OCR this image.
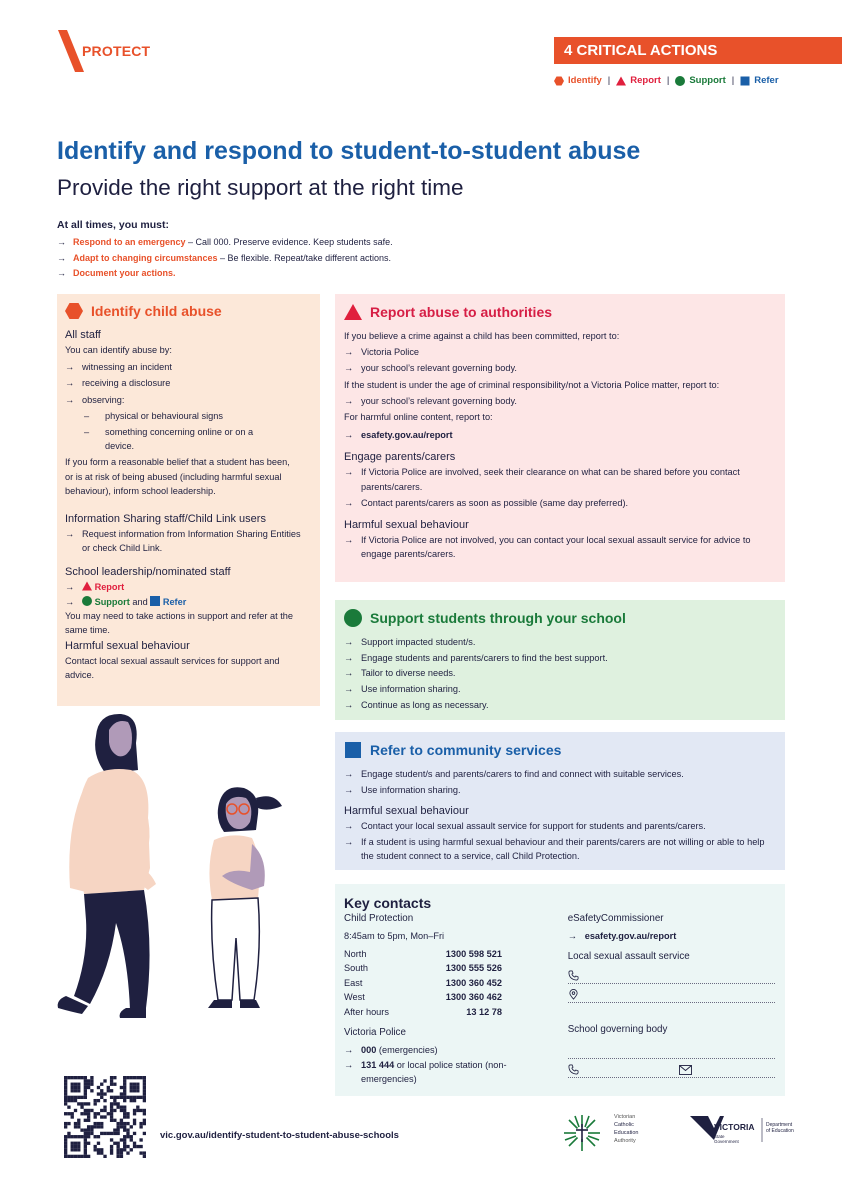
PROTECT	4 CRITICAL ACTIONS
Identify | Report | Support | Refer
Identify and respond to student-to-student abuse
Provide the right support at the right time
At all times, you must:
→ Respond to an emergency – Call 000. Preserve evidence. Keep students safe.
→ Adapt to changing circumstances – Be flexible. Repeat/take different actions.
→ Document your actions.
Identify child abuse
All staff
You can identify abuse by:
→ witnessing an incident
→ receiving a disclosure
→ observing:
– physical or behavioural signs
– something concerning online or on a device.
If you form a reasonable belief that a student has been, or is at risk of being abused (including harmful sexual behaviour), inform school leadership.
Information Sharing staff/Child Link users
→ Request information from Information Sharing Entities or check Child Link.
School leadership/nominated staff
→ Report
→ Support and Refer
You may need to take actions in support and refer at the same time.
Harmful sexual behaviour
Contact local sexual assault services for support and advice.
Report abuse to authorities
If you believe a crime against a child has been committed, report to:
→ Victoria Police
→ your school’s relevant governing body.
If the student is under the age of criminal responsibility/not a Victoria Police matter, report to:
→ your school’s relevant governing body.
For harmful online content, report to:
→ esafety.gov.au/report
Engage parents/carers
→ If Victoria Police are involved, seek their clearance on what can be shared before you contact parents/carers.
→ Contact parents/carers as soon as possible (same day preferred).
Harmful sexual behaviour
→ If Victoria Police are not involved, you can contact your local sexual assault service for advice to engage parents/carers.
Support students through your school
→ Support impacted student/s.
→ Engage students and parents/carers to find the best support.
→ Tailor to diverse needs.
→ Use information sharing.
→ Continue as long as necessary.
Refer to community services
→ Engage student/s and parents/carers to find and connect with suitable services.
→ Use information sharing.
Harmful sexual behaviour
→ Contact your local sexual assault service for support for students and parents/carers.
→ If a student is using harmful sexual behaviour and their parents/carers are not willing or able to help the student connect to a service, call Child Protection.
Key contacts
Child Protection
8:45am to 5pm, Mon–Fri
North	1300 598 521
South	1300 555 526
East	1300 360 452
West	1300 360 462
After hours	13 12 78
Victoria Police
→ 000 (emergencies)
→ 131 444 or local police station (non-emergencies)
eSafetyCommissioner
→ esafety.gov.au/report
Local sexual assault service
School governing body
vic.gov.au/identify-student-to-student-abuse-schools
Victorian
Catholic
Education
Authority
VICTORIA
State
Government
Department
of Education
